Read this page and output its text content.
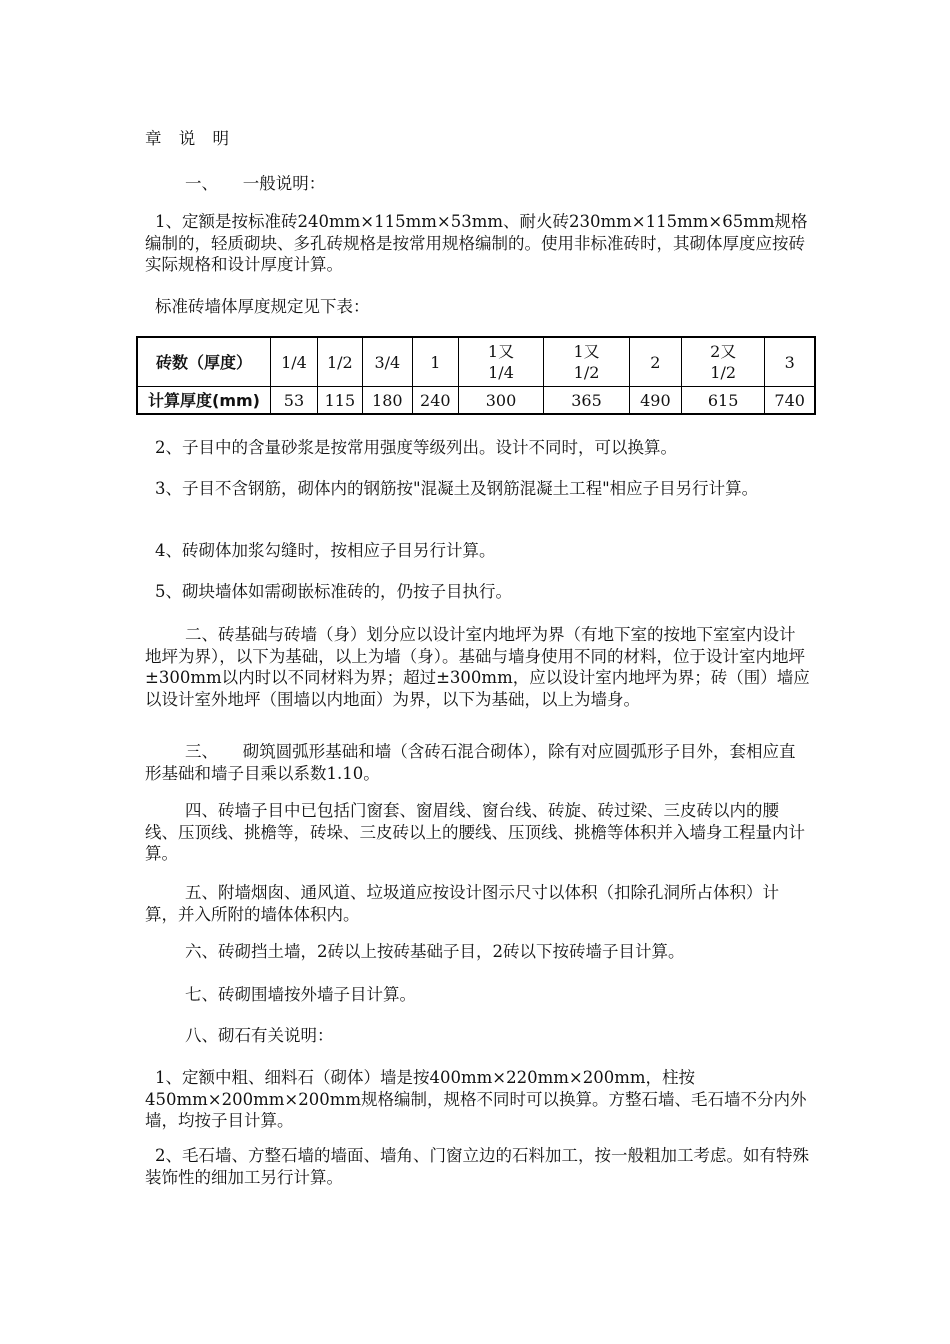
章 说 明

一、　　一般说明：

1、定额是按标准砖240mm×115mm×53mm、耐火砖230mm×115mm×65mm规格编制的，轻质砌块、多孔砖规格是按常用规格编制的。使用非标准砖时，其砌体厚度应按砖实际规格和设计厚度计算。

标准砖墙体厚度规定见下表：

砖数（厚度）	1/4	1/2	3/4	1	1又
1/4	1又
1/2	2	2又
1/2	3
计算厚度(mm)	53	115	180	240	300	365	490	615	740

2、子目中的含量砂浆是按常用强度等级列出。设计不同时，可以换算。

3、子目不含钢筋，砌体内的钢筋按"混凝土及钢筋混凝土工程"相应子目另行计算。

4、砖砌体加浆勾缝时，按相应子目另行计算。

5、砌块墙体如需砌嵌标准砖的，仍按子目执行。

二、砖基础与砖墙（身）划分应以设计室内地坪为界（有地下室的按地下室室内设计地坪为界），以下为基础，以上为墙（身）。基础与墙身使用不同的材料，位于设计室内地坪±300mm以内时以不同材料为界；超过±300mm，应以设计室内地坪为界；砖（围）墙应以设计室外地坪（围墙以内地面）为界，以下为基础，以上为墙身。

三、　　砌筑圆弧形基础和墙（含砖石混合砌体），除有对应圆弧形子目外，套相应直形基础和墙子目乘以系数1.10。

四、砖墙子目中已包括门窗套、窗眉线、窗台线、砖旋、砖过梁、三皮砖以内的腰线、压顶线、挑檐等，砖垛、三皮砖以上的腰线、压顶线、挑檐等体积并入墙身工程量内计算。

五、附墙烟囱、通风道、垃圾道应按设计图示尺寸以体积（扣除孔洞所占体积）计算，并入所附的墙体体积内。

六、砖砌挡土墙，2砖以上按砖基础子目，2砖以下按砖墙子目计算。

七、砖砌围墙按外墙子目计算。

八、砌石有关说明：

1、定额中粗、细料石（砌体）墙是按400mm×220mm×200mm，柱按450mm×200mm×200mm规格编制，规格不同时可以换算。方整石墙、毛石墙不分内外墙，均按子目计算。

2、毛石墙、方整石墙的墙面、墙角、门窗立边的石料加工，按一般粗加工考虑。如有特殊装饰性的细加工另行计算。
